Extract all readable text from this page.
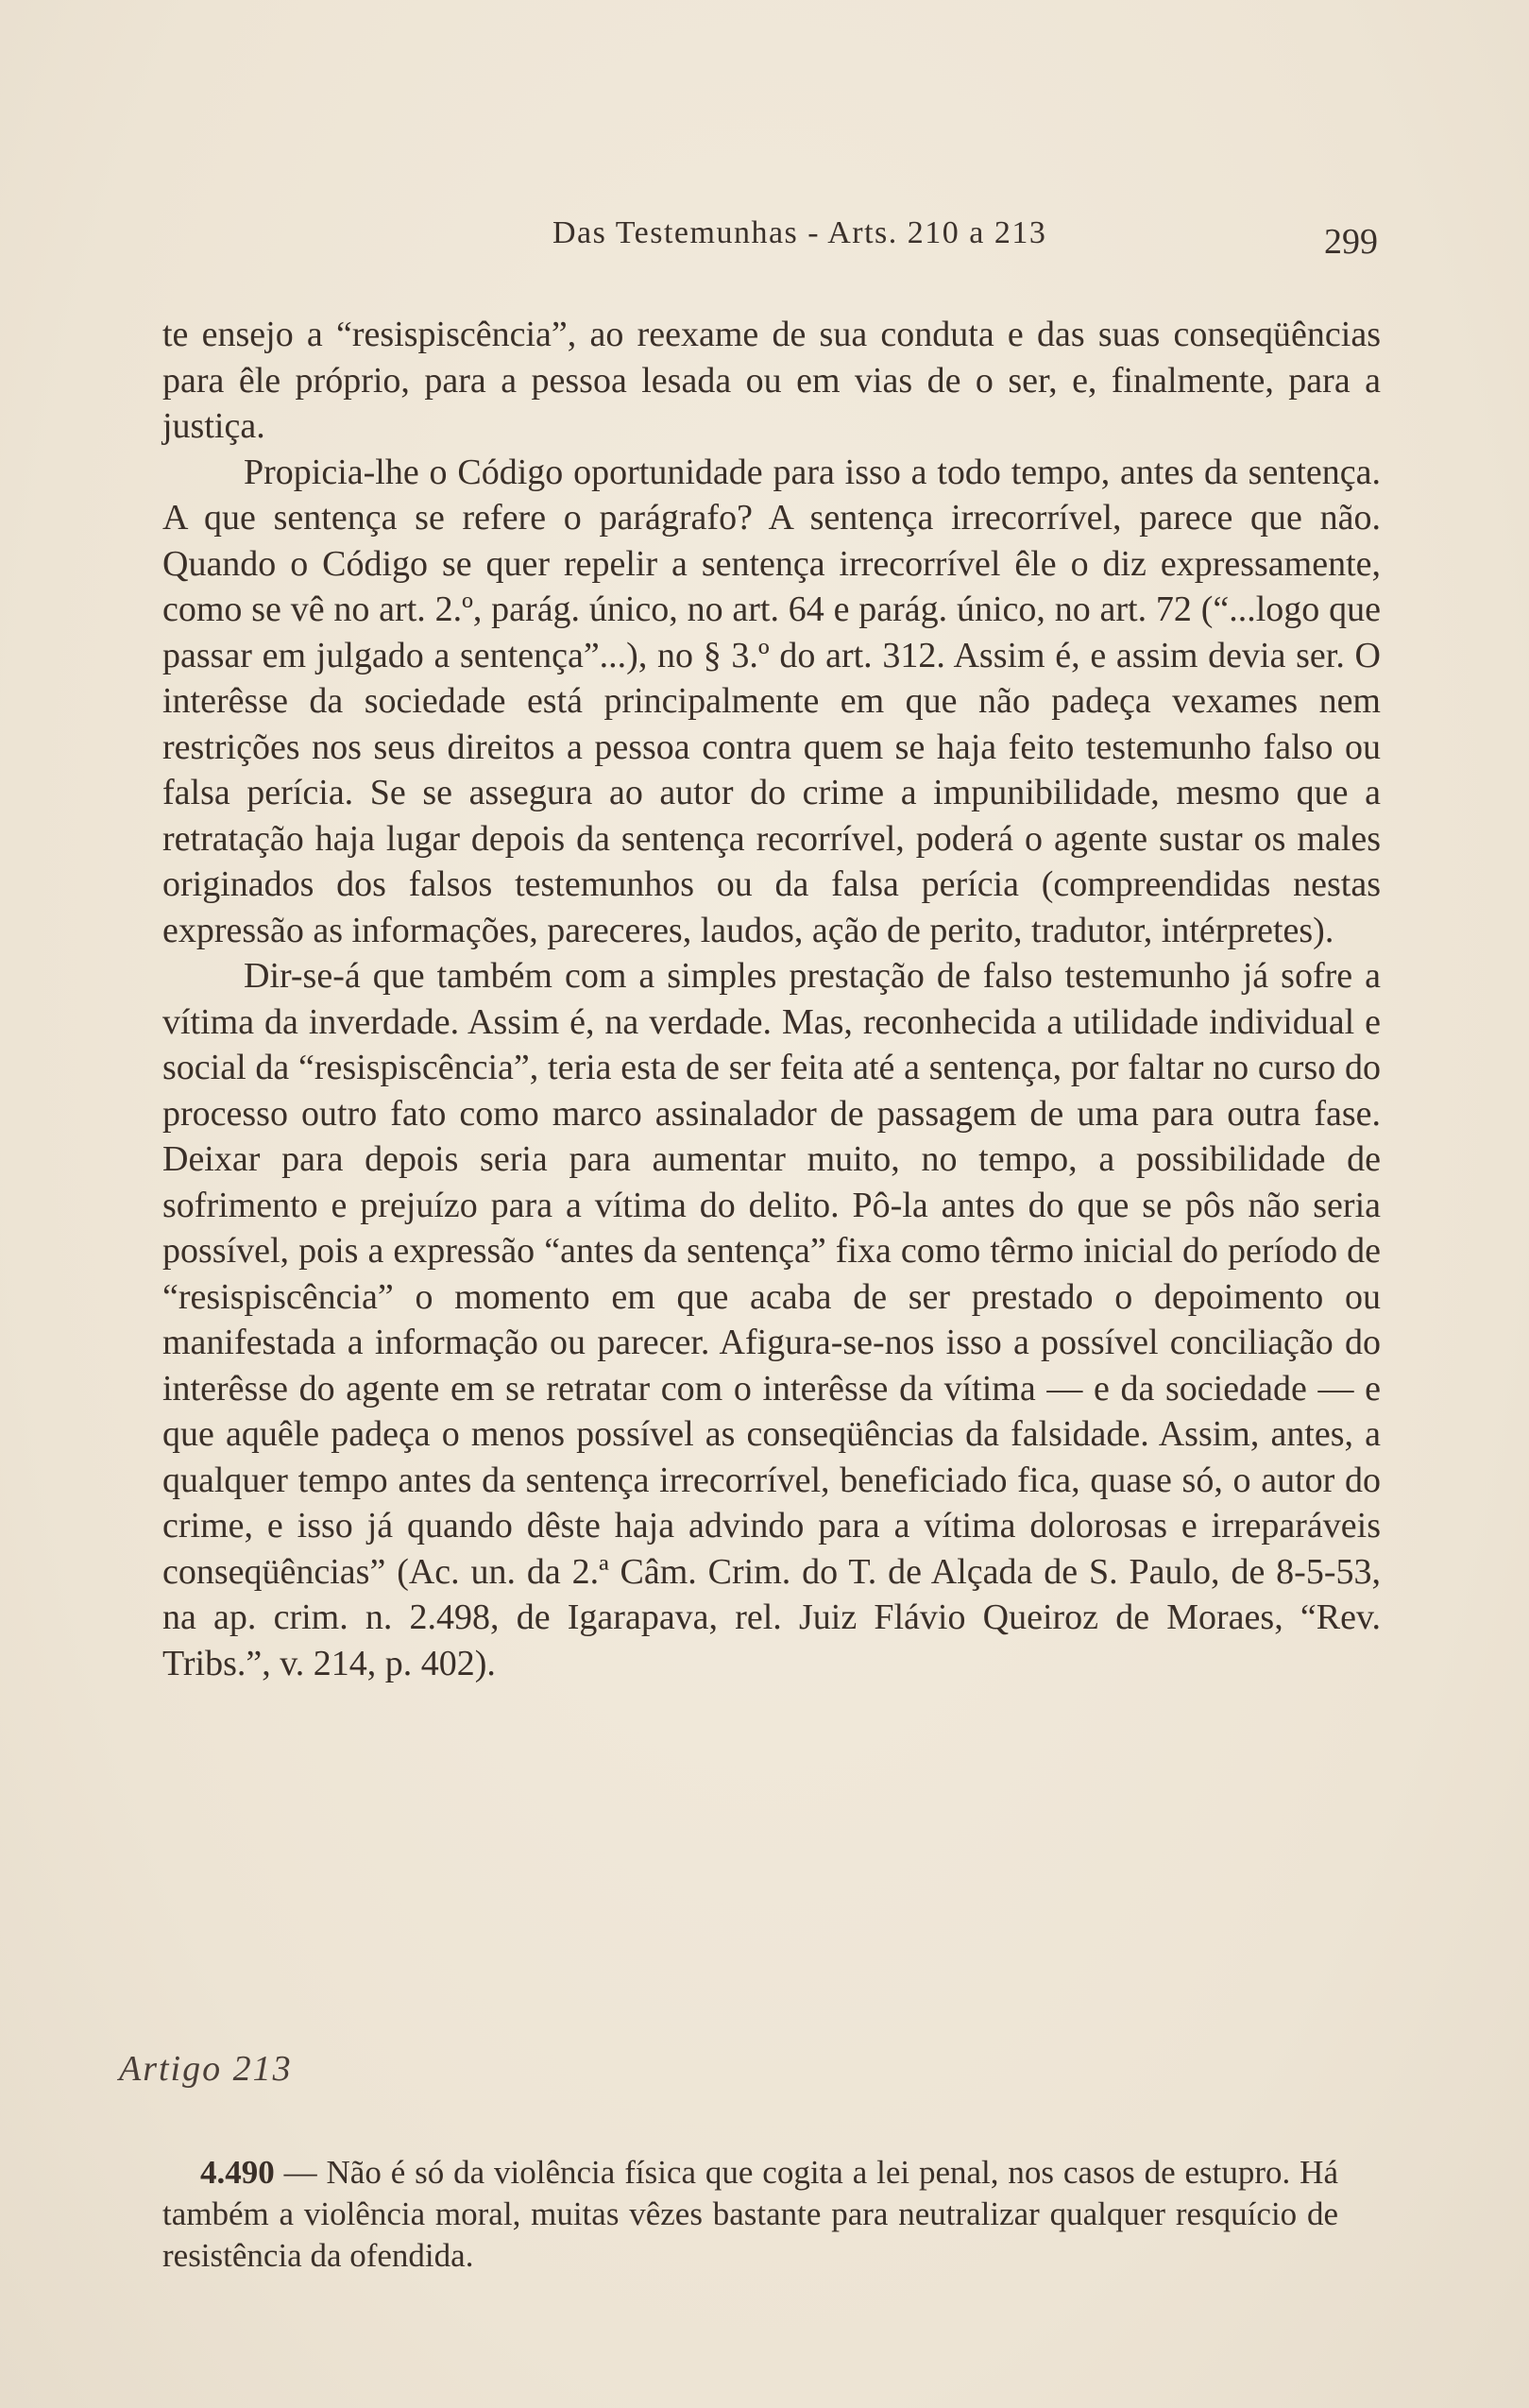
Das Testemunhas - Arts. 210 a 213	299

te ensejo a “resispiscência”, ao reexame de sua conduta e das suas conseqüências para êle próprio, para a pessoa lesada ou em vias de o ser, e, finalmente, para a justiça.

Propicia-lhe o Código oportunidade para isso a todo tempo, antes da sentença. A que sentença se refere o parágrafo? A sentença irrecorrível, parece que não. Quando o Código se quer repelir a sentença irrecorrível êle o diz expressamente, como se vê no art. 2.º, parág. único, no art. 64 e parág. único, no art. 72 (“...logo que passar em julgado a sentença”...), no § 3.º do art. 312. Assim é, e assim devia ser. O interêsse da sociedade está principalmente em que não padeça vexames nem restrições nos seus direitos a pessoa contra quem se haja feito testemunho falso ou falsa perícia. Se se assegura ao autor do crime a impunibilidade, mesmo que a retratação haja lugar depois da sentença recorrível, poderá o agente sustar os males originados dos falsos testemunhos ou da falsa perícia (compreendidas nestas expressão as informações, pareceres, laudos, ação de perito, tradutor, intérpretes).

Dir-se-á que também com a simples prestação de falso testemunho já sofre a vítima da inverdade. Assim é, na verdade. Mas, reconhecida a utilidade individual e social da “resispiscência”, teria esta de ser feita até a sentença, por faltar no curso do processo outro fato como marco assinalador de passagem de uma para outra fase. Deixar para depois seria para aumentar muito, no tempo, a possibilidade de sofrimento e prejuízo para a vítima do delito. Pô-la antes do que se pôs não seria possível, pois a expressão “antes da sentença” fixa como têrmo inicial do período de “resispiscência” o momento em que acaba de ser prestado o depoimento ou manifestada a informação ou parecer. Afigura-se-nos isso a possível conciliação do interêsse do agente em se retratar com o interêsse da vítima — e da sociedade — e que aquêle padeça o menos possível as conseqüências da falsidade. Assim, antes, a qualquer tempo antes da sentença irrecorrível, beneficiado fica, quase só, o autor do crime, e isso já quando dêste haja advindo para a vítima dolorosas e irreparáveis conseqüências” (Ac. un. da 2.ª Câm. Crim. do T. de Alçada de S. Paulo, de 8-5-53, na ap. crim. n. 2.498, de Igarapava, rel. Juiz Flávio Queiroz de Moraes, “Rev. Tribs.”, v. 214, p. 402).

Artigo 213

4.490 — Não é só da violência física que cogita a lei penal, nos casos de estupro. Há também a violência moral, muitas vêzes bastante para neutralizar qualquer resquício de resistência da ofendida.
